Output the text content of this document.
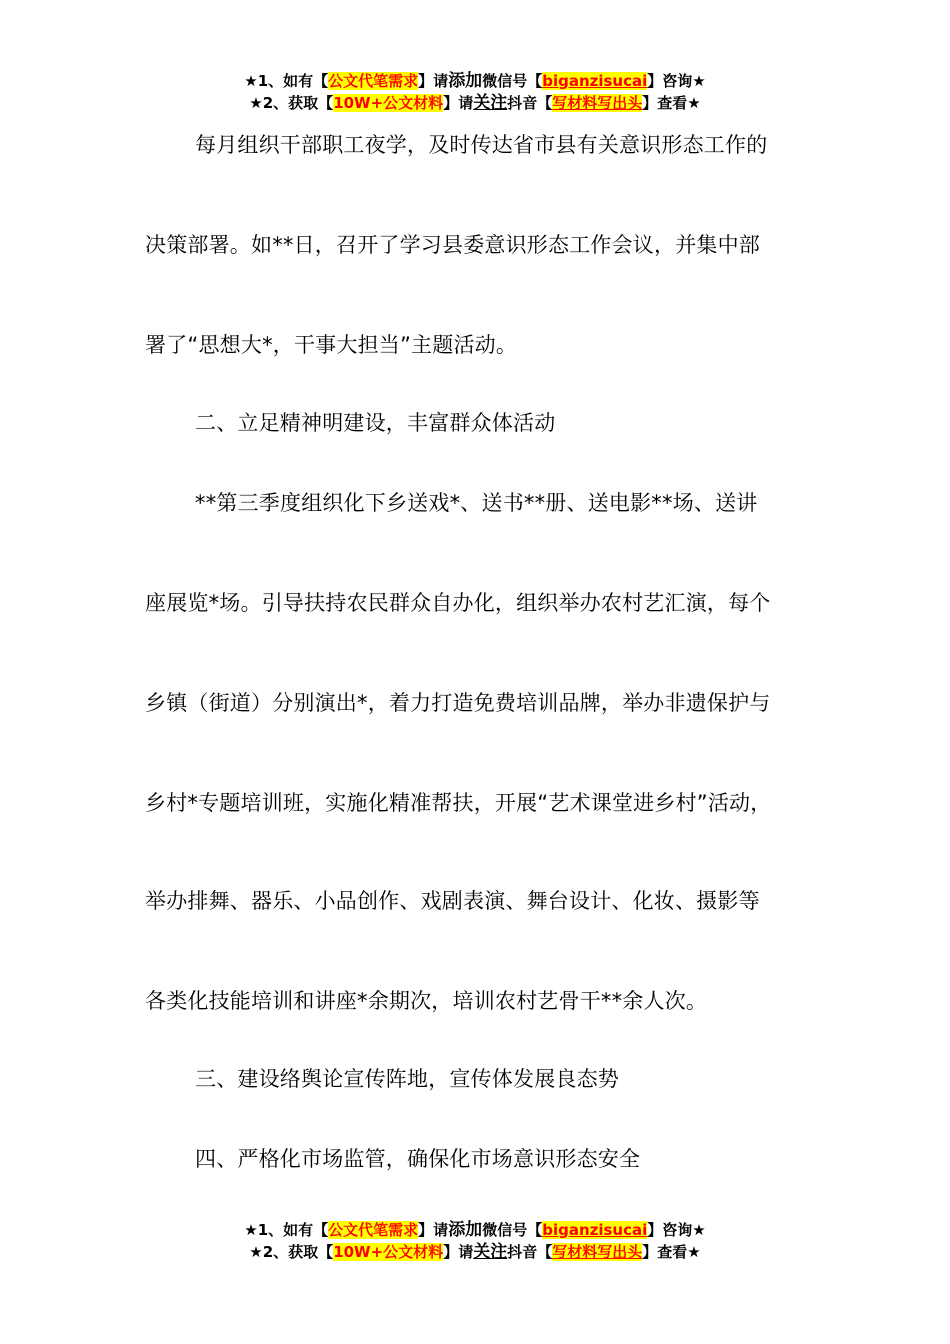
★1、如有【公文代笔需求】请添加微信号【biganzisucai】咨询★
★2、获取【10W+公文材料】请关注抖音【写材料写出头】查看★
每月组织干部职工夜学，及时传达省市县有关意识形态工作的
决策部署。如**日，召开了学习县委意识形态工作会议，并集中部
署了“思想大*，干事大担当”主题活动。
二、立足精神明建设，丰富群众体活动
**第三季度组织化下乡送戏*、送书**册、送电影**场、送讲
座展览*场。引导扶持农民群众自办化，组织举办农村艺汇演，每个
乡镇（街道）分别演出*，着力打造免费培训品牌，举办非遗保护与
乡村*专题培训班，实施化精准帮扶，开展“艺术课堂进乡村”活动，
举办排舞、器乐、小品创作、戏剧表演、舞台设计、化妆、摄影等
各类化技能培训和讲座*余期次，培训农村艺骨干**余人次。
三、建设络舆论宣传阵地，宣传体发展良态势
四、严格化市场监管，确保化市场意识形态安全
★1、如有【公文代笔需求】请添加微信号【biganzisucai】咨询★
★2、获取【10W+公文材料】请关注抖音【写材料写出头】查看★
